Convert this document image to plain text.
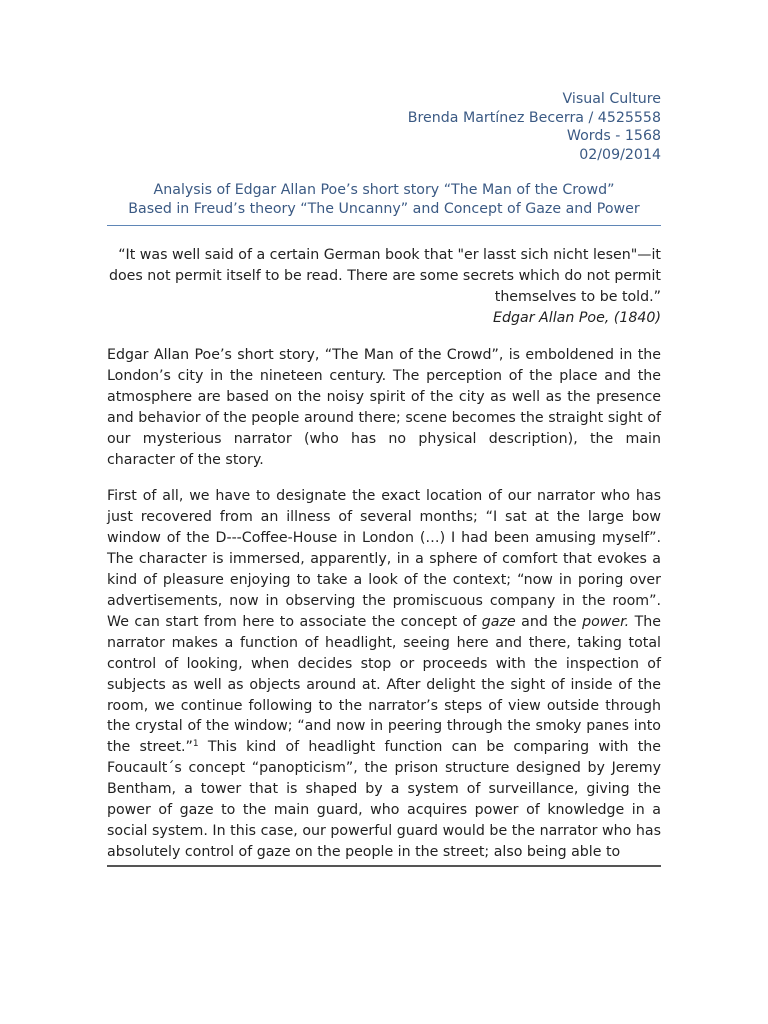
Visual Culture
Brenda Martínez Becerra / 4525558
Words - 1568
02/09/2014
Analysis of Edgar Allan Poe’s short story “The Man of the Crowd”
Based in Freud’s theory “The Uncanny” and Concept of Gaze and Power
“It was well said of a certain German book that "er lasst sich nicht lesen"—it does not permit itself to be read. There are some secrets which do not permit themselves to be told.”
Edgar Allan Poe, (1840)
Edgar Allan Poe’s short story, “The Man of the Crowd”, is emboldened in the London’s city in the nineteen century. The perception of the place and the atmosphere are based on the noisy spirit of the city as well as the presence and behavior of the people around there; scene becomes the straight sight of our mysterious narrator (who has no physical description), the main character of the story.
First of all, we have to designate the exact location of our narrator who has just recovered from an illness of several months; “I sat at the large bow window of the D---Coffee-House in London (…) I had been amusing myself”. The character is immersed, apparently, in a sphere of comfort that evokes a kind of pleasure enjoying to take a look of the context; “now in poring over advertisements, now in observing the promiscuous company in the room”. We can start from here to associate the concept of gaze and the power. The narrator makes a function of headlight, seeing here and there, taking total control of looking, when decides stop or proceeds with the inspection of subjects as well as objects around at. After delight the sight of inside of the room, we continue following to the narrator’s steps of view outside through the crystal of the window; “and now in peering through the smoky panes into the street.”$^1$ This kind of headlight function can be comparing with the Foucault´s concept “panopticism”, the prison structure designed by Jeremy Bentham, a tower that is shaped by a system of surveillance, giving the power of gaze to the main guard, who acquires power of knowledge in a social system. In this case, our powerful guard would be the narrator who has absolutely control of gaze on the people in the street; also being able to
